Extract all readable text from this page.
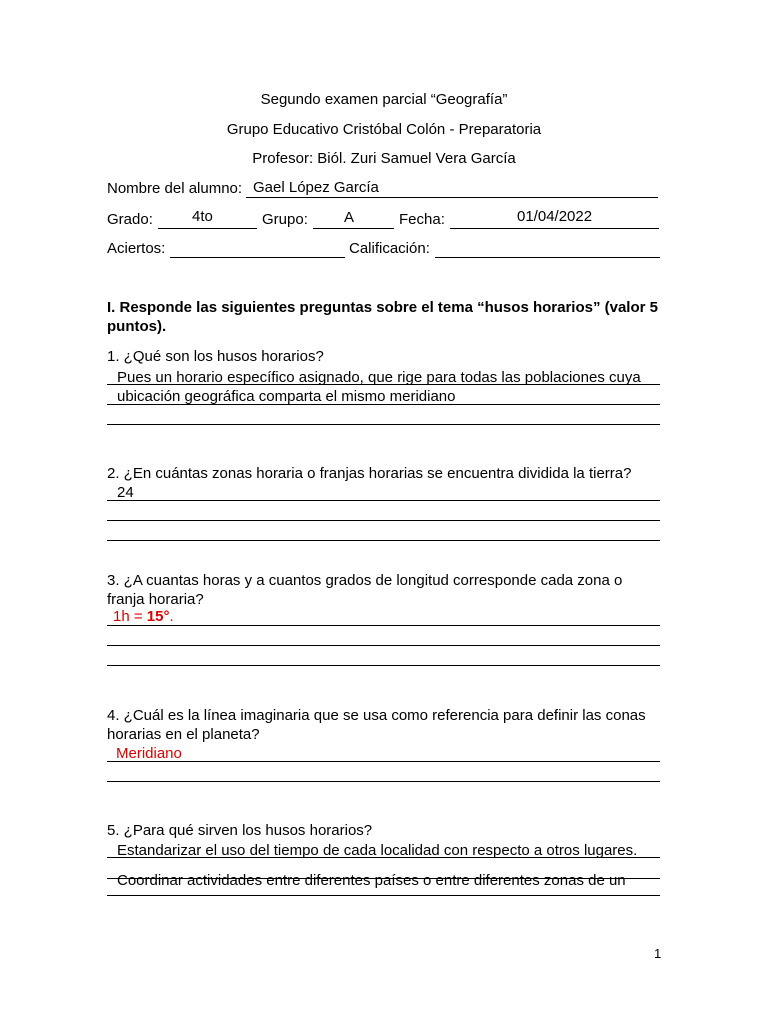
Segundo examen parcial “Geografía”
Grupo Educativo Cristóbal Colón - Preparatoria
Profesor: Biól. Zuri Samuel Vera García
Nombre del alumno: Gael López García
Grado:	4to	Grupo: A	Fecha:	01/04/2022
Aciertos:	Calificación:
I. Responde las siguientes preguntas sobre el tema “husos horarios” (valor 5
puntos).
1. ¿Qué son los husos horarios?
Pues un horario específico asignado, que rige para todas las poblaciones cuya
ubicación geográfica comparta el mismo meridiano
2. ¿En cuántas zonas horaria o franjas horarias se encuentra dividida la tierra?
24
3. ¿A cuantas horas y a cuantos grados de longitud corresponde cada zona o
franja horaria?
1h = 15°.
4. ¿Cuál es la línea imaginaria que se usa como referencia para definir las conas
horarias en el planeta?
Meridiano
5. ¿Para qué sirven los husos horarios?
Estandarizar el uso del tiempo de cada localidad con respecto a otros lugares.
Coordinar actividades entre diferentes países o entre diferentes zonas de un
1
